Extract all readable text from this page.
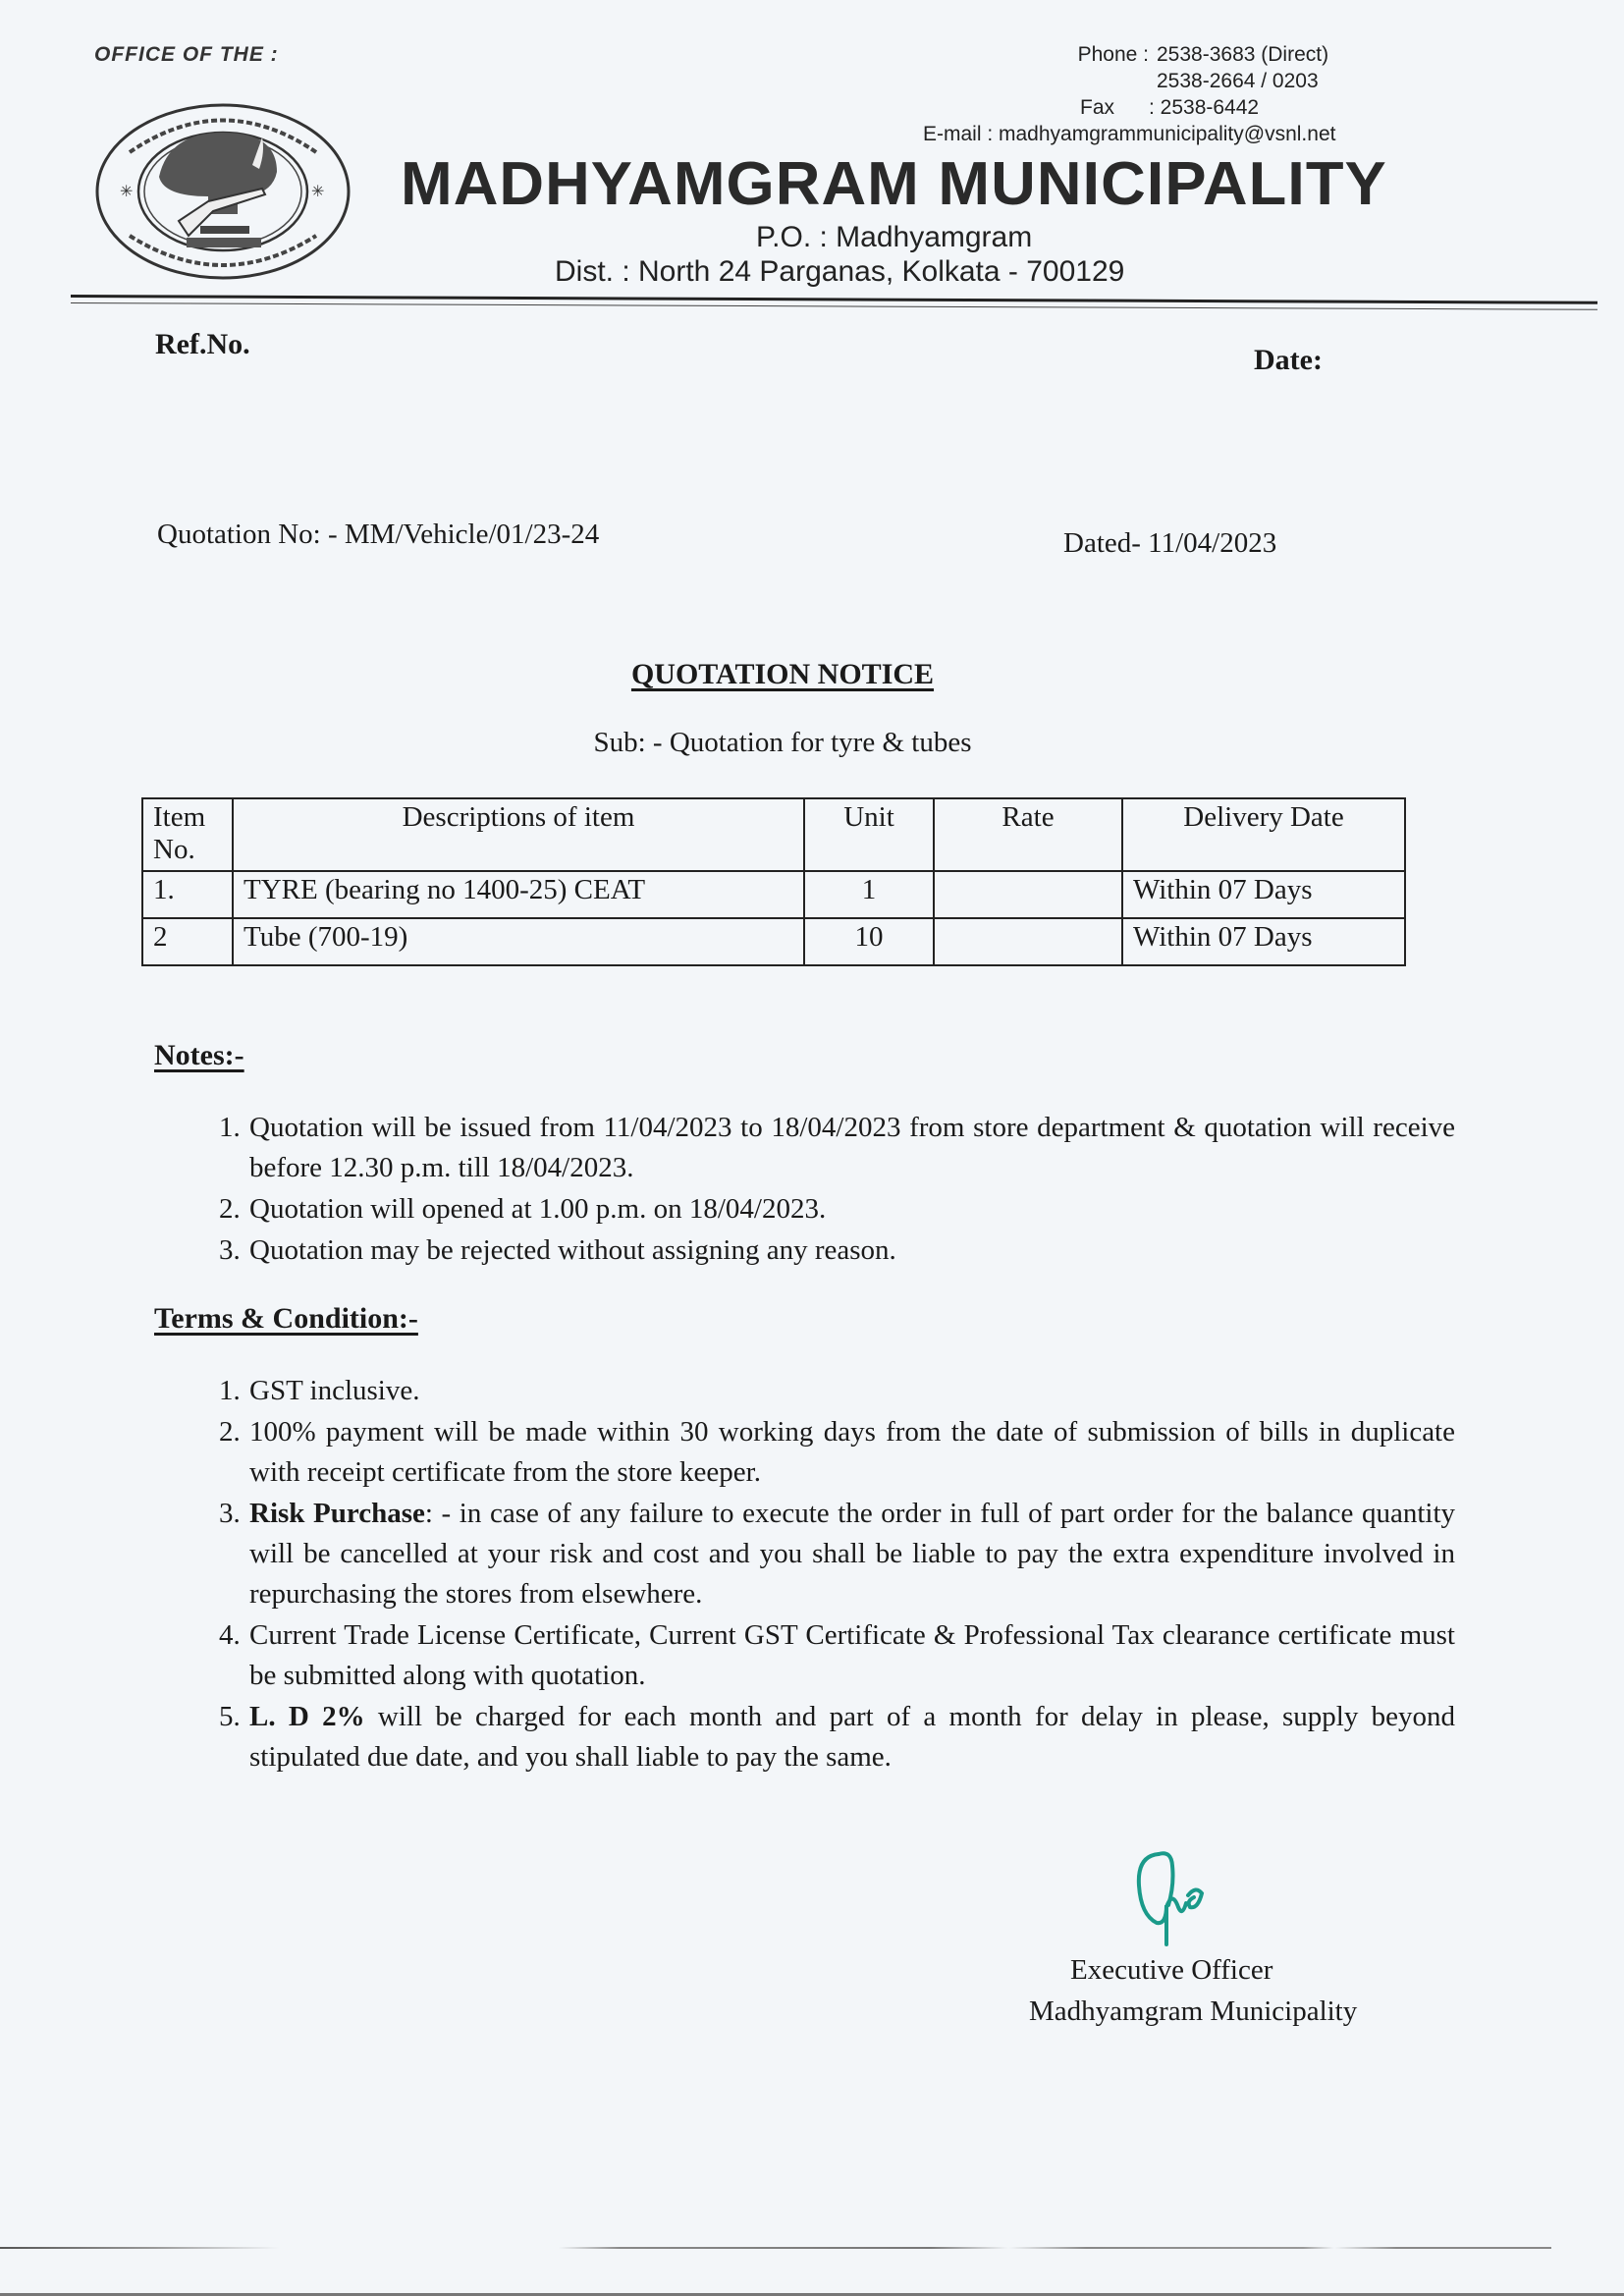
OFFICE OF THE :	Phone : 2538-3683 (Direct)
2538-2664 / 0203
Fax	: 2538-6442
E-mail : madhyamgrammunicipality@vsnl.net
✳	✳ MADHYAMGRAM MUNICIPALITY
P.O. : Madhyamgram
Dist. : North 24 Parganas, Kolkata - 700129
Ref.No.	Date:
Quotation No: - MM/Vehicle/01/23-24	Dated- 11/04/2023
QUOTATION NOTICE
Sub: - Quotation for tyre & tubes
Item No.	Descriptions of item	Unit	Rate	Delivery Date
1.	TYRE (bearing no 1400-25) CEAT	1		Within 07 Days
2	Tube (700-19)	10		Within 07 Days
Notes:-
1. Quotation will be issued from 11/04/2023 to 18/04/2023 from store department & quotation will receive before 12.30 p.m. till 18/04/2023.
2. Quotation will opened at 1.00 p.m. on 18/04/2023.
3. Quotation may be rejected without assigning any reason.
Terms & Condition:-
1. GST inclusive.
2. 100% payment will be made within 30 working days from the date of submission of bills in duplicate with receipt certificate from the store keeper.
3. Risk Purchase: - in case of any failure to execute the order in full of part order for the balance quantity will be cancelled at your risk and cost and you shall be liable to pay the extra expenditure involved in repurchasing the stores from elsewhere.
4. Current Trade License Certificate, Current GST Certificate & Professional Tax clearance certificate must be submitted along with quotation.
5. L. D 2% will be charged for each month and part of a month for delay in please, supply beyond stipulated due date, and you shall liable to pay the same.
Executive Officer
Madhyamgram Municipality
